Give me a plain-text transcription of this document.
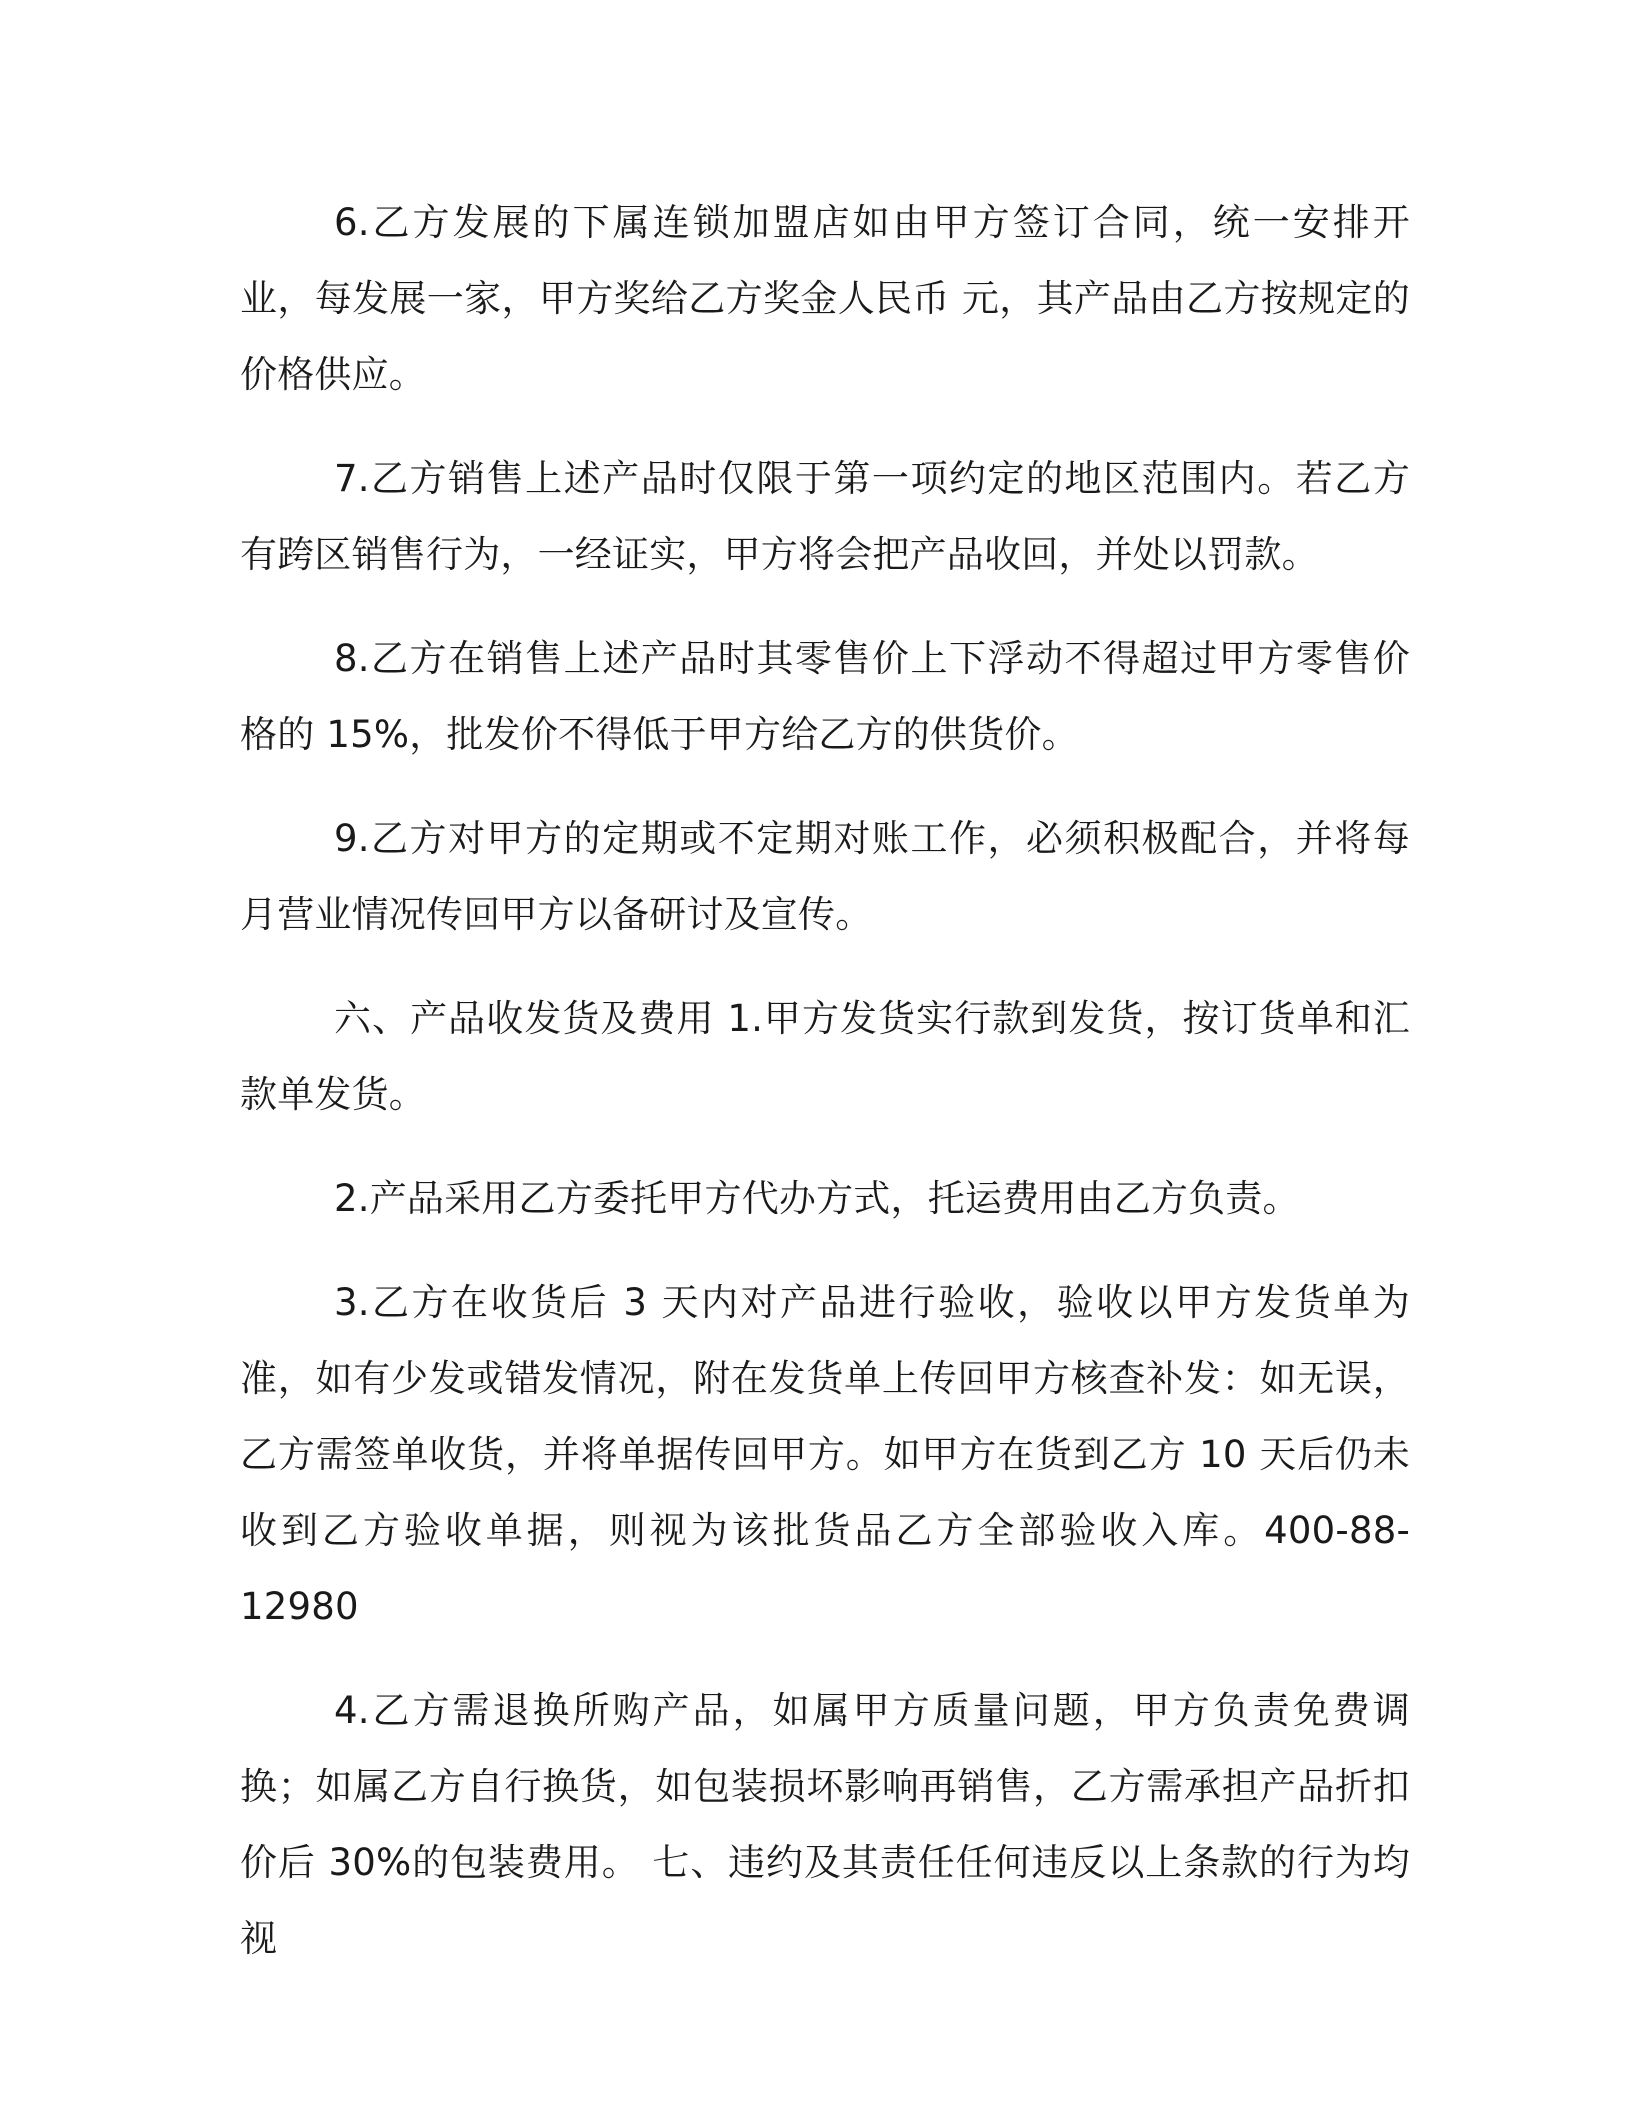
6.乙方发展的下属连锁加盟店如由甲方签订合同，统一安排开业，每发展一家，甲方奖给乙方奖金人民币 元，其产品由乙方按规定的价格供应。

7.乙方销售上述产品时仅限于第一项约定的地区范围内。若乙方有跨区销售行为，一经证实，甲方将会把产品收回，并处以罚款。

8.乙方在销售上述产品时其零售价上下浮动不得超过甲方零售价格的 15%，批发价不得低于甲方给乙方的供货价。

9.乙方对甲方的定期或不定期对账工作，必须积极配合，并将每月营业情况传回甲方以备研讨及宣传。

六、产品收发货及费用 1.甲方发货实行款到发货，按订货单和汇款单发货。

2.产品采用乙方委托甲方代办方式，托运费用由乙方负责。

3.乙方在收货后 3 天内对产品进行验收，验收以甲方发货单为准，如有少发或错发情况，附在发货单上传回甲方核查补发：如无误，乙方需签单收货，并将单据传回甲方。如甲方在货到乙方 10 天后仍未收到乙方验收单据，则视为该批货品乙方全部验收入库。400-88-12980

4.乙方需退换所购产品，如属甲方质量问题，甲方负责免费调换；如属乙方自行换货，如包装损坏影响再销售，乙方需承担产品折扣价后 30%的包装费用。 七、违约及其责任任何违反以上条款的行为均视
